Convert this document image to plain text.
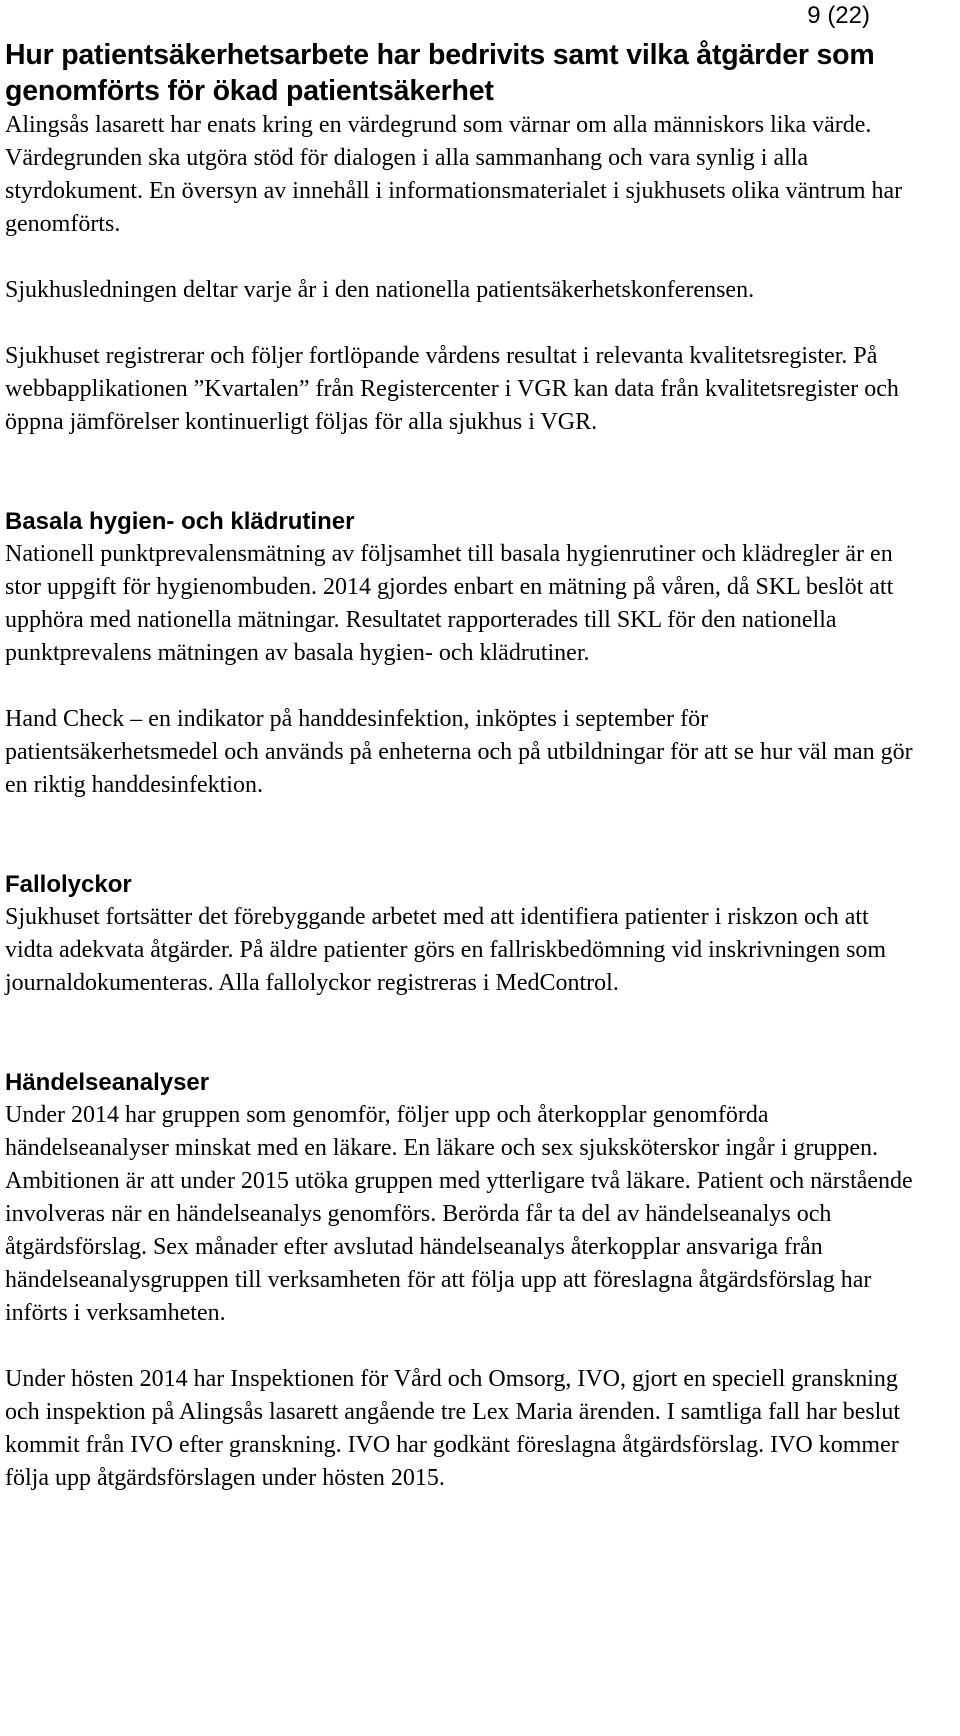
9 (22)
Hur patientsäkerhetsarbete har bedrivits samt vilka åtgärder som genomförts för ökad patientsäkerhet

Alingsås lasarett har enats kring en värdegrund som värnar om alla människors lika värde. Värdegrunden ska utgöra stöd för dialogen i alla sammanhang och vara synlig i alla styrdokument. En översyn av innehåll i informationsmaterialet i sjukhusets olika väntrum har genomförts.

Sjukhusledningen deltar varje år i den nationella patientsäkerhetskonferensen.

Sjukhuset registrerar och följer fortlöpande vårdens resultat i relevanta kvalitetsregister. På webbapplikationen ”Kvartalen” från Registercenter i VGR kan data från kvalitetsregister och öppna jämförelser kontinuerligt följas för alla sjukhus i VGR.

Basala hygien- och klädrutiner

Nationell punktprevalensmätning av följsamhet till basala hygienrutiner och klädregler är en stor uppgift för hygienombuden. 2014 gjordes enbart en mätning på våren, då SKL beslöt att upphöra med nationella mätningar. Resultatet rapporterades till SKL för den nationella punktprevalens mätningen av basala hygien- och klädrutiner.

Hand Check – en indikator på handdesinfektion, inköptes i september för patientsäkerhetsmedel och används på enheterna och på utbildningar för att se hur väl man gör en riktig handdesinfektion.

Fallolyckor

Sjukhuset fortsätter det förebyggande arbetet med att identifiera patienter i riskzon och att vidta adekvata åtgärder. På äldre patienter görs en fallriskbedömning vid inskrivningen som journaldokumenteras. Alla fallolyckor registreras i MedControl.

Händelseanalyser

Under 2014 har gruppen som genomför, följer upp och återkopplar genomförda händelseanalyser minskat med en läkare. En läkare och sex sjuksköterskor ingår i gruppen. Ambitionen är att under 2015 utöka gruppen med ytterligare två läkare. Patient och närstående involveras när en händelseanalys genomförs. Berörda får ta del av händelseanalys och åtgärdsförslag. Sex månader efter avslutad händelseanalys återkopplar ansvariga från händelseanalysgruppen till verksamheten för att följa upp att föreslagna åtgärdsförslag har införts i verksamheten.

Under hösten 2014 har Inspektionen för Vård och Omsorg, IVO, gjort en speciell granskning och inspektion på Alingsås lasarett angående tre Lex Maria ärenden. I samtliga fall har beslut kommit från IVO efter granskning. IVO har godkänt föreslagna åtgärdsförslag. IVO kommer följa upp åtgärdsförslagen under hösten 2015.
